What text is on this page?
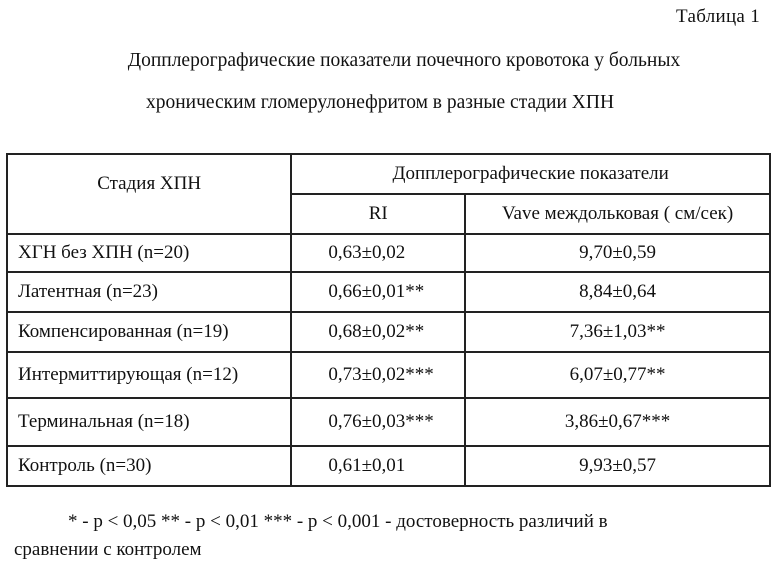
Таблица 1
Допплерографические показатели почечного кровотока у больных
хроническим гломерулонефритом в разные стадии ХПН
Стадия ХПН	Допплерографические показатели	
	RI	Vave междольковая ( см/сек)
ХГН без ХПН (n=20)	0,63±0,02	9,70±0,59
Латентная (n=23)	0,66±0,01**	8,84±0,64
Компенсированная (n=19)	0,68±0,02**	7,36±1,03**
Интермиттирующая (n=12)	0,73±0,02***	6,07±0,77**
Терминальная (n=18)	0,76±0,03***	3,86±0,67***
Контроль (n=30)	0,61±0,01	9,93±0,57
* - p < 0,05 ** - p < 0,01 *** - p < 0,001 - достоверность различий в
сравнении с контролем
